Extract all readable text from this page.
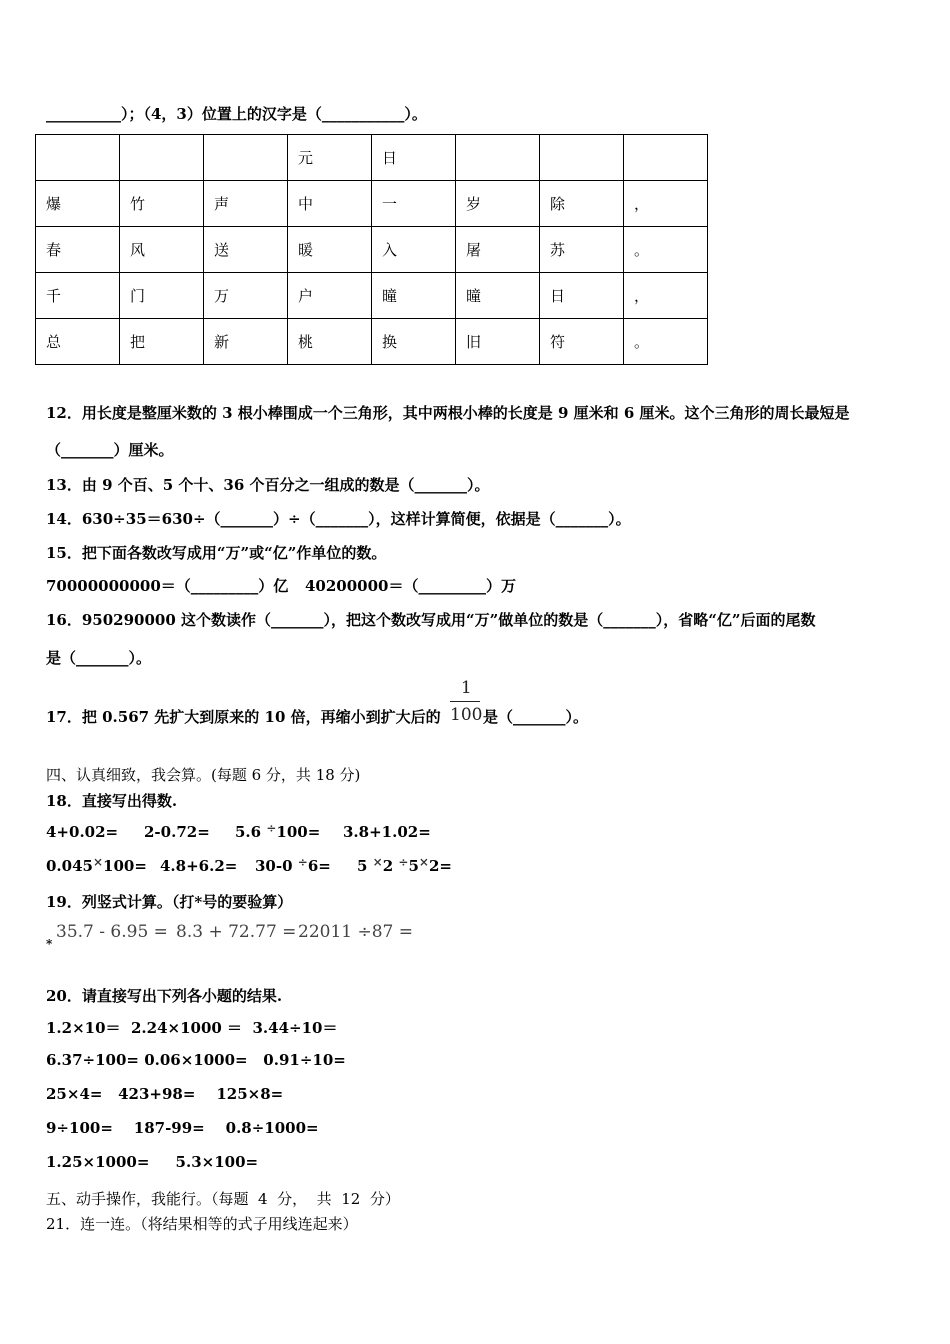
__________）；（4，3）位置上的汉字是（___________）。
			元	日			
爆	竹	声	中	一	岁	除	，
春	风	送	暖	入	屠	苏	。
千	门	万	户	曈	曈	日	，
总	把	新	桃	换	旧	符	。
12．用长度是整厘米数的 3 根小棒围成一个三角形，其中两根小棒的长度是 9 厘米和 6 厘米。这个三角形的周长最短是
（_______）厘米。
13．由 9 个百、5 个十、36 个百分之一组成的数是（_______）。
14．630÷35＝630÷（_______）÷（_______），这样计算简便，依据是（_______）。
15．把下面各数改写成用“万”或“亿”作单位的数。
70000000000＝（_________）亿 40200000＝（_________）万
16．950290000 这个数读作（_______），把这个数改写成用“万”做单位的数是（_______），省略“亿”后面的尾数
是（_______）。
17．把 0.567 先扩大到原来的 10 倍，再缩小到扩大后的
1
100 是（_______）。
四、认真细致，我会算。(每题 6 分，共 18 分)
18．直接写出得数.
4+0.02= 2-0.72= 5.6 ÷100= 3.8+1.02=
0.045×100= 4.8+6.2= 30-0 ÷6= 5 ×2 ÷5×2=
19．列竖式计算。（打*号的要验算）
35.7 - 6.95 = 8.3 + 72.77 = 22011 ÷87 =
*
20．请直接写出下列各小题的结果.
1.2×10＝  2.24×1000 ＝  3.44÷10＝
6.37÷100= 0.06×1000=   0.91÷10=
25×4=   423+98=    125×8=
9÷100=    187-99=    0.8÷1000=
1.25×1000=     5.3×100=
五、动手操作，我能行。（每题  4  分，  共  12  分）
21．连一连。（将结果相等的式子用线连起来）
